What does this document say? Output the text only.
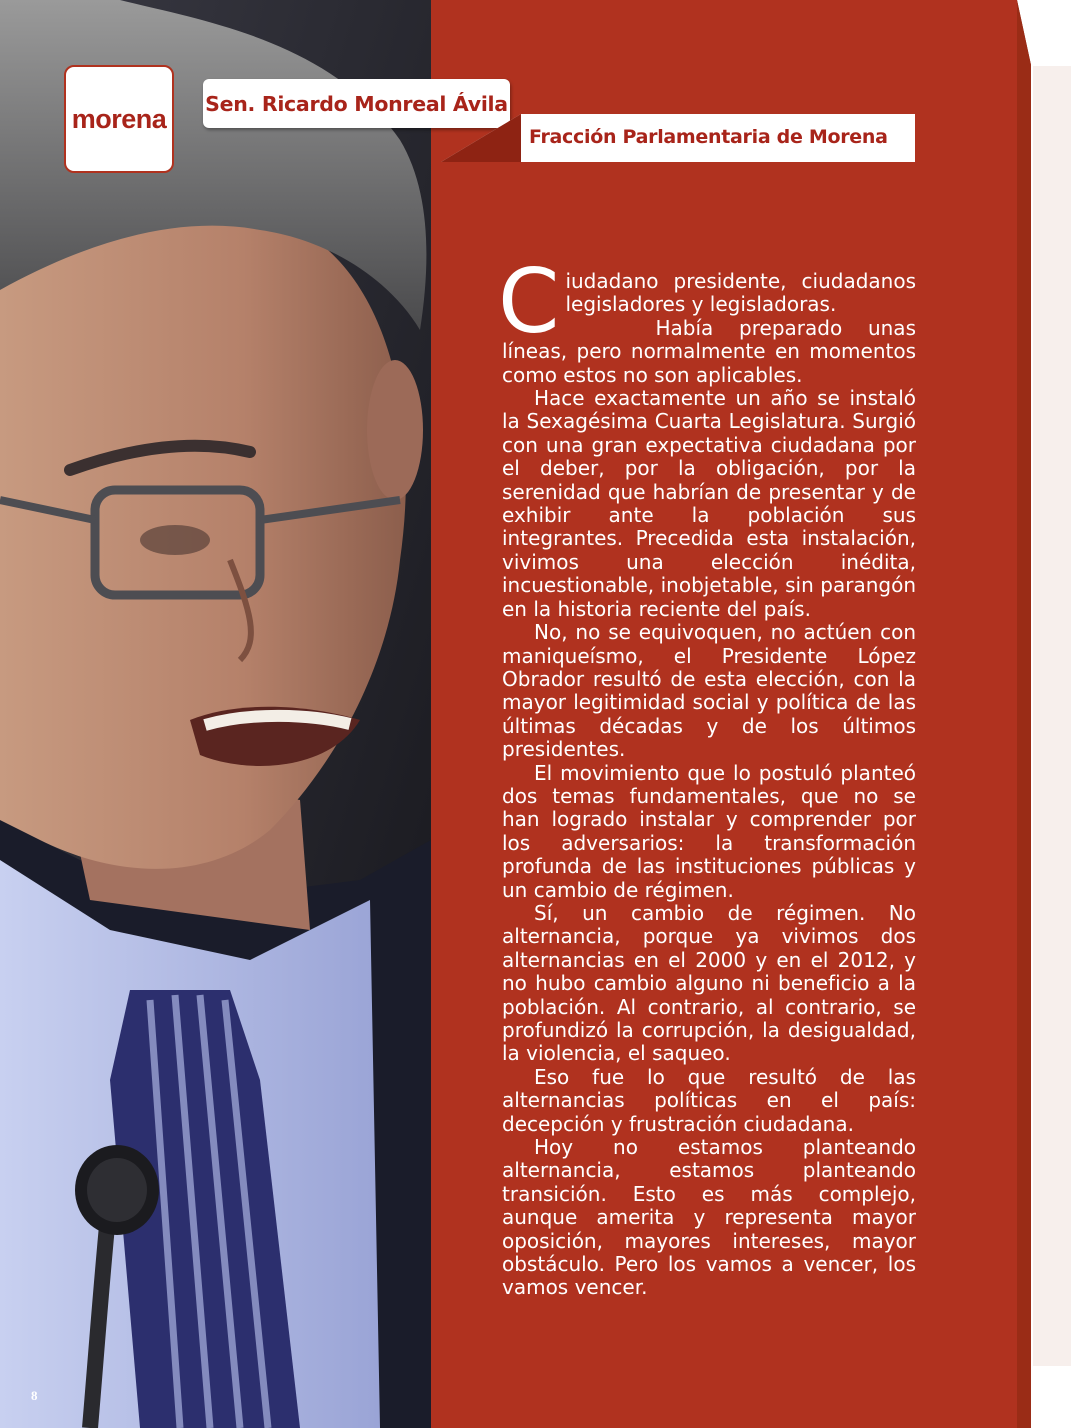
morena Sen. Ricardo Monreal Ávila
Fracción Parlamentaria de Morena

Ciudadano presidente, ciudadanos legisladores y legisladoras.
Había preparado unas líneas, pero normalmente en momentos como estos no son aplicables.

Hace exactamente un año se instaló la Sexagésima Cuarta Legislatura. Surgió con una gran expectativa ciudadana por el deber, por la obligación, por la serenidad que habrían de presentar y de exhibir ante la población sus integrantes. Precedida esta instalación, vivimos una elección inédita, incuestionable, inobjetable, sin parangón en la historia reciente del país.

No, no se equivoquen, no actúen con maniqueísmo, el Presidente López Obrador resultó de esta elección, con la mayor legitimidad social y política de las últimas décadas y de los últimos presidentes.

El movimiento que lo postuló planteó dos temas fundamentales, que no se han logrado instalar y comprender por los adversarios: la transformación profunda de las instituciones públicas y un cambio de régimen.

Sí, un cambio de régimen. No alternancia, porque ya vivimos dos alternancias en el 2000 y en el 2012, y no hubo cambio alguno ni beneficio a la población. Al contrario, al contrario, se profundizó la corrupción, la desigualdad, la violencia, el saqueo.

Eso fue lo que resultó de las alternancias políticas en el país: decepción y frustración ciudadana.

Hoy no estamos planteando alternancia, estamos planteando transición. Esto es más complejo, aunque amerita y representa mayor oposición, mayores intereses, mayor obstáculo. Pero los vamos a vencer, los vamos vencer.

8
